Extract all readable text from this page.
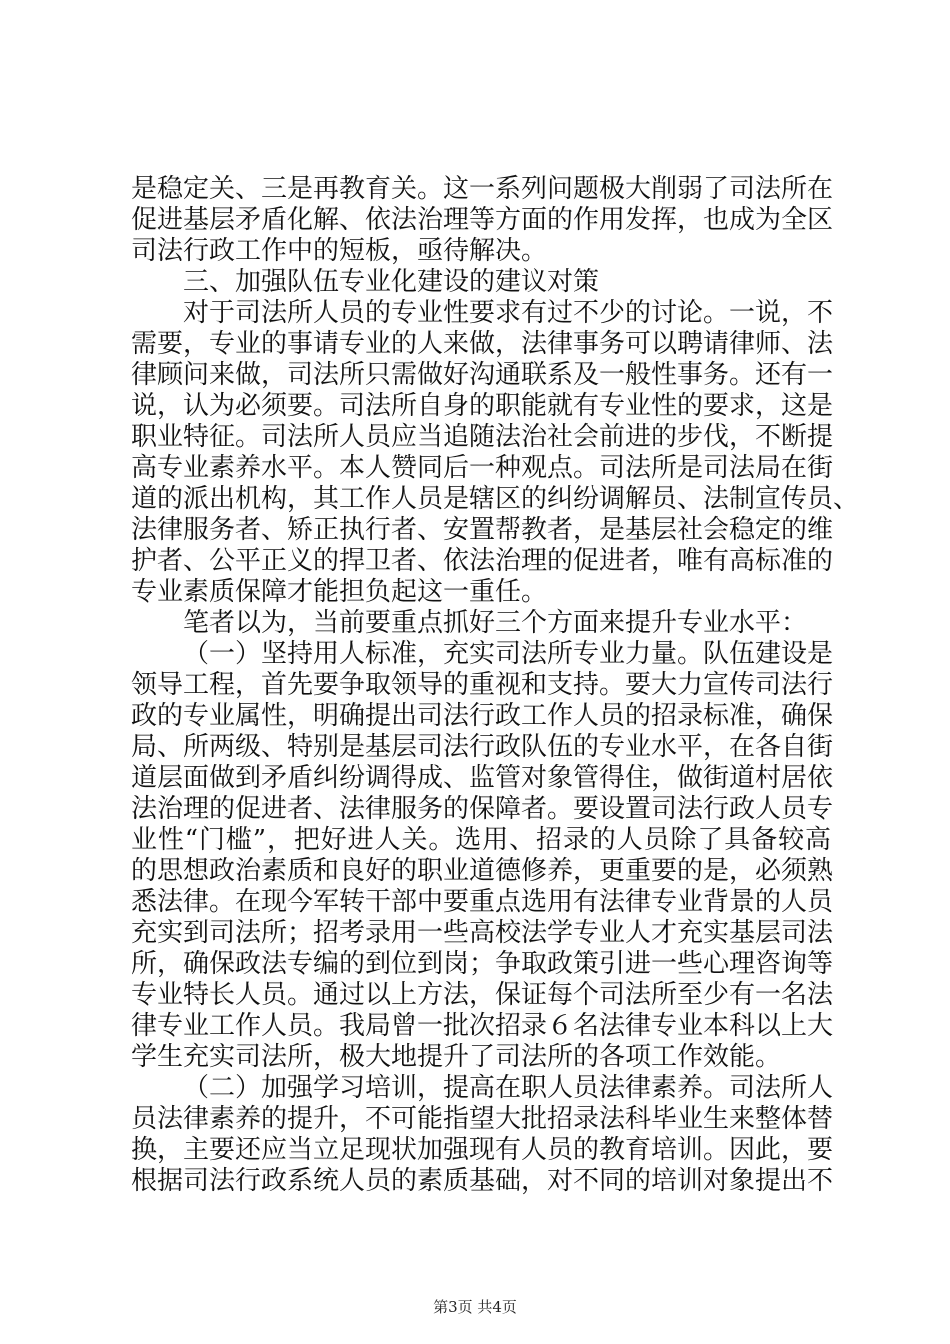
是稳定关、三是再教育关。这一系列问题极大削弱了司法所在
促进基层矛盾化解、依法治理等方面的作用发挥，也成为全区
司法行政工作中的短板，亟待解决。
三、加强队伍专业化建设的建议对策
对于司法所人员的专业性要求有过不少的讨论。一说，不
需要，专业的事请专业的人来做，法律事务可以聘请律师、法
律顾问来做，司法所只需做好沟通联系及一般性事务。还有一
说，认为必须要。司法所自身的职能就有专业性的要求，这是
职业特征。司法所人员应当追随法治社会前进的步伐，不断提
高专业素养水平。本人赞同后一种观点。司法所是司法局在街
道的派出机构，其工作人员是辖区的纠纷调解员、法制宣传员、
法律服务者、矫正执行者、安置帮教者，是基层社会稳定的维
护者、公平正义的捍卫者、依法治理的促进者，唯有高标准的
专业素质保障才能担负起这一重任。
笔者以为，当前要重点抓好三个方面来提升专业水平：
（一）坚持用人标准，充实司法所专业力量。队伍建设是
领导工程，首先要争取领导的重视和支持。要大力宣传司法行
政的专业属性，明确提出司法行政工作人员的招录标准，确保
局、所两级、特别是基层司法行政队伍的专业水平，在各自街
道层面做到矛盾纠纷调得成、监管对象管得住，做街道村居依
法治理的促进者、法律服务的保障者。要设置司法行政人员专
业性“门槛”，把好进人关。选用、招录的人员除了具备较高
的思想政治素质和良好的职业道德修养，更重要的是，必须熟
悉法律。在现今军转干部中要重点选用有法律专业背景的人员
充实到司法所；招考录用一些高校法学专业人才充实基层司法
所，确保政法专编的到位到岗；争取政策引进一些心理咨询等
专业特长人员。通过以上方法，保证每个司法所至少有一名法
律专业工作人员。我局曾一批次招录６名法律专业本科以上大
学生充实司法所，极大地提升了司法所的各项工作效能。
（二）加强学习培训，提高在职人员法律素养。司法所人
员法律素养的提升，不可能指望大批招录法科毕业生来整体替
换，主要还应当立足现状加强现有人员的教育培训。因此，要
根据司法行政系统人员的素质基础，对不同的培训对象提出不
第3页 共4页
